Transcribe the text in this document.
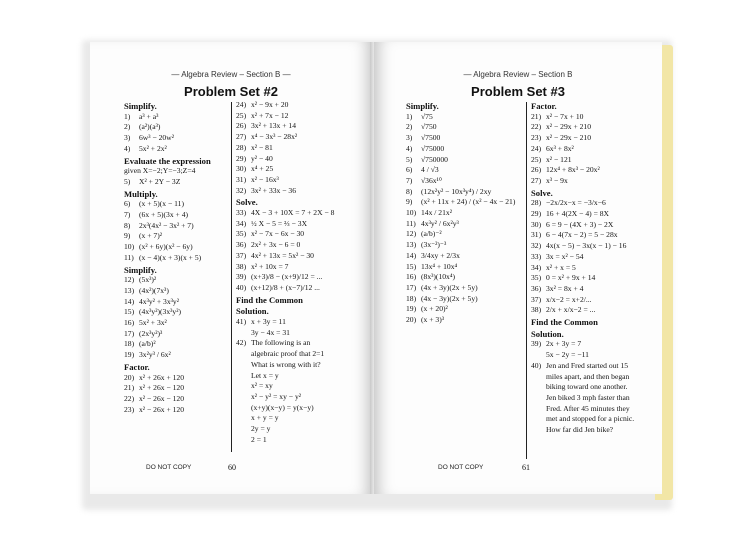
— Algebra Review – Section B —
Problem Set #2
Simplify.
1) a³ + a³
2) (a²)(a³)
3) 6w³ − 20w²
4) 5x² + 2x²
Evaluate the expression
given X=−2;Y=−3;Z=4
5) X² + 2Y − 3Z
Multiply.
6) (x + 5)(x − 11)
7) (6x + 5)(3x + 4)
8) 2x³(4x² − 3x² + 7)
9) (x + 7)²
10) (x² + 6y)(x² − 6y)
11) (x − 4)(x + 3)(x + 5)
Simplify.
12) (5x³)²
13) (4x²)(7x³)
14) 4x³y² + 3x³y²
15) (4x³y²)(3x³y²)
16) 5x² + 3x²
17) (2x³y²)³
18) (a/b)²
19) 3x²y³ / 6x²
Factor.
20) x² + 26x + 120
21) x² + 26x − 120
22) x² − 26x − 120
23) x² − 26x + 120
24) x² − 9x + 20
25) x² + 7x − 12
26) 3x² + 13x + 14
27) x⁴ − 3x³ − 28x²
28) x² − 81
29) y² − 40
30) x⁴ + 25
31) x² − 16x³
32) 3x² + 33x − 36
Solve.
33) 4X − 3 + 10X = 7 + 2X − 8
34) ½ X − 5 = ⅔ − 3X
35) x² − 7x − 6x − 30
36) 2x² + 3x − 6 = 0
37) 4x² + 13x = 5x² − 30
38) x² + 10x = 7
39) (x+3)/8 − (x+9)/12 = ...
40) (x+12)/8 + (x−7)/12 ...
Find the Common
Solution.
41) x + 3y = 11
3y − 4x = 31
42) The following is an
algebraic proof that 2=1
What is wrong with it?
Let x = y
x² = xy
x² − y² = xy − y²
(x+y)(x−y) = y(x−y)
x + y = y
2y = y
2 = 1
DO NOT COPY	60
— Algebra Review – Section B
Problem Set #3
Simplify.
1) √75
2) √750
3) √7500
4) √75000
5) √750000
6) 4 / √3
7) √36x¹⁰
8) (12x²y² − 10x³y⁴) / 2xy
9) (x² + 11x + 24) / (x² − 4x − 21)
10) 14x / 21x²
11) 4x³y² / 6x²y³
12) (a/b)⁻²
13) (3x⁻²)⁻³
14) 3/4xy + 2/3x
15) 13x⁴ + 10x⁴
16) (8x³)(10x⁴)
17) (4x + 3y)(2x + 5y)
18) (4x − 3y)(2x + 5y)
19) (x + 20)²
20) (x + 3)³
Factor.
21) x² − 7x + 10
22) x² − 29x + 210
23) x² − 29x − 210
24) 6x³ + 8x²
25) x² − 121
26) 12x⁴ + 8x³ − 20x²
27) x³ − 9x
Solve.
28) −2x/2x−x = −3/x−6
29) 16 + 4(2X − 4) = 8X
30) 6 = 9 − (4X + 3) − 2X
31) 6 − 4(7x − 2) = 5 − 28x
32) 4x(x − 5) − 3x(x − 1) − 16
33) 3x = x² − 54
34) x² + x = 5
35) 0 = x² + 9x + 14
36) 3x² = 8x + 4
37) x/x−2 = x+2/...
38) 2/x + x/x−2 = ...
Find the Common
Solution.
39) 2x + 3y = 7
5x − 2y = −11
40) Jen and Fred started out 15
miles apart, and then began
biking toward one another.
Jen biked 3 mph faster than
Fred. After 45 minutes they
met and stopped for a picnic.
How far did Jen bike?
DO NOT COPY	61
